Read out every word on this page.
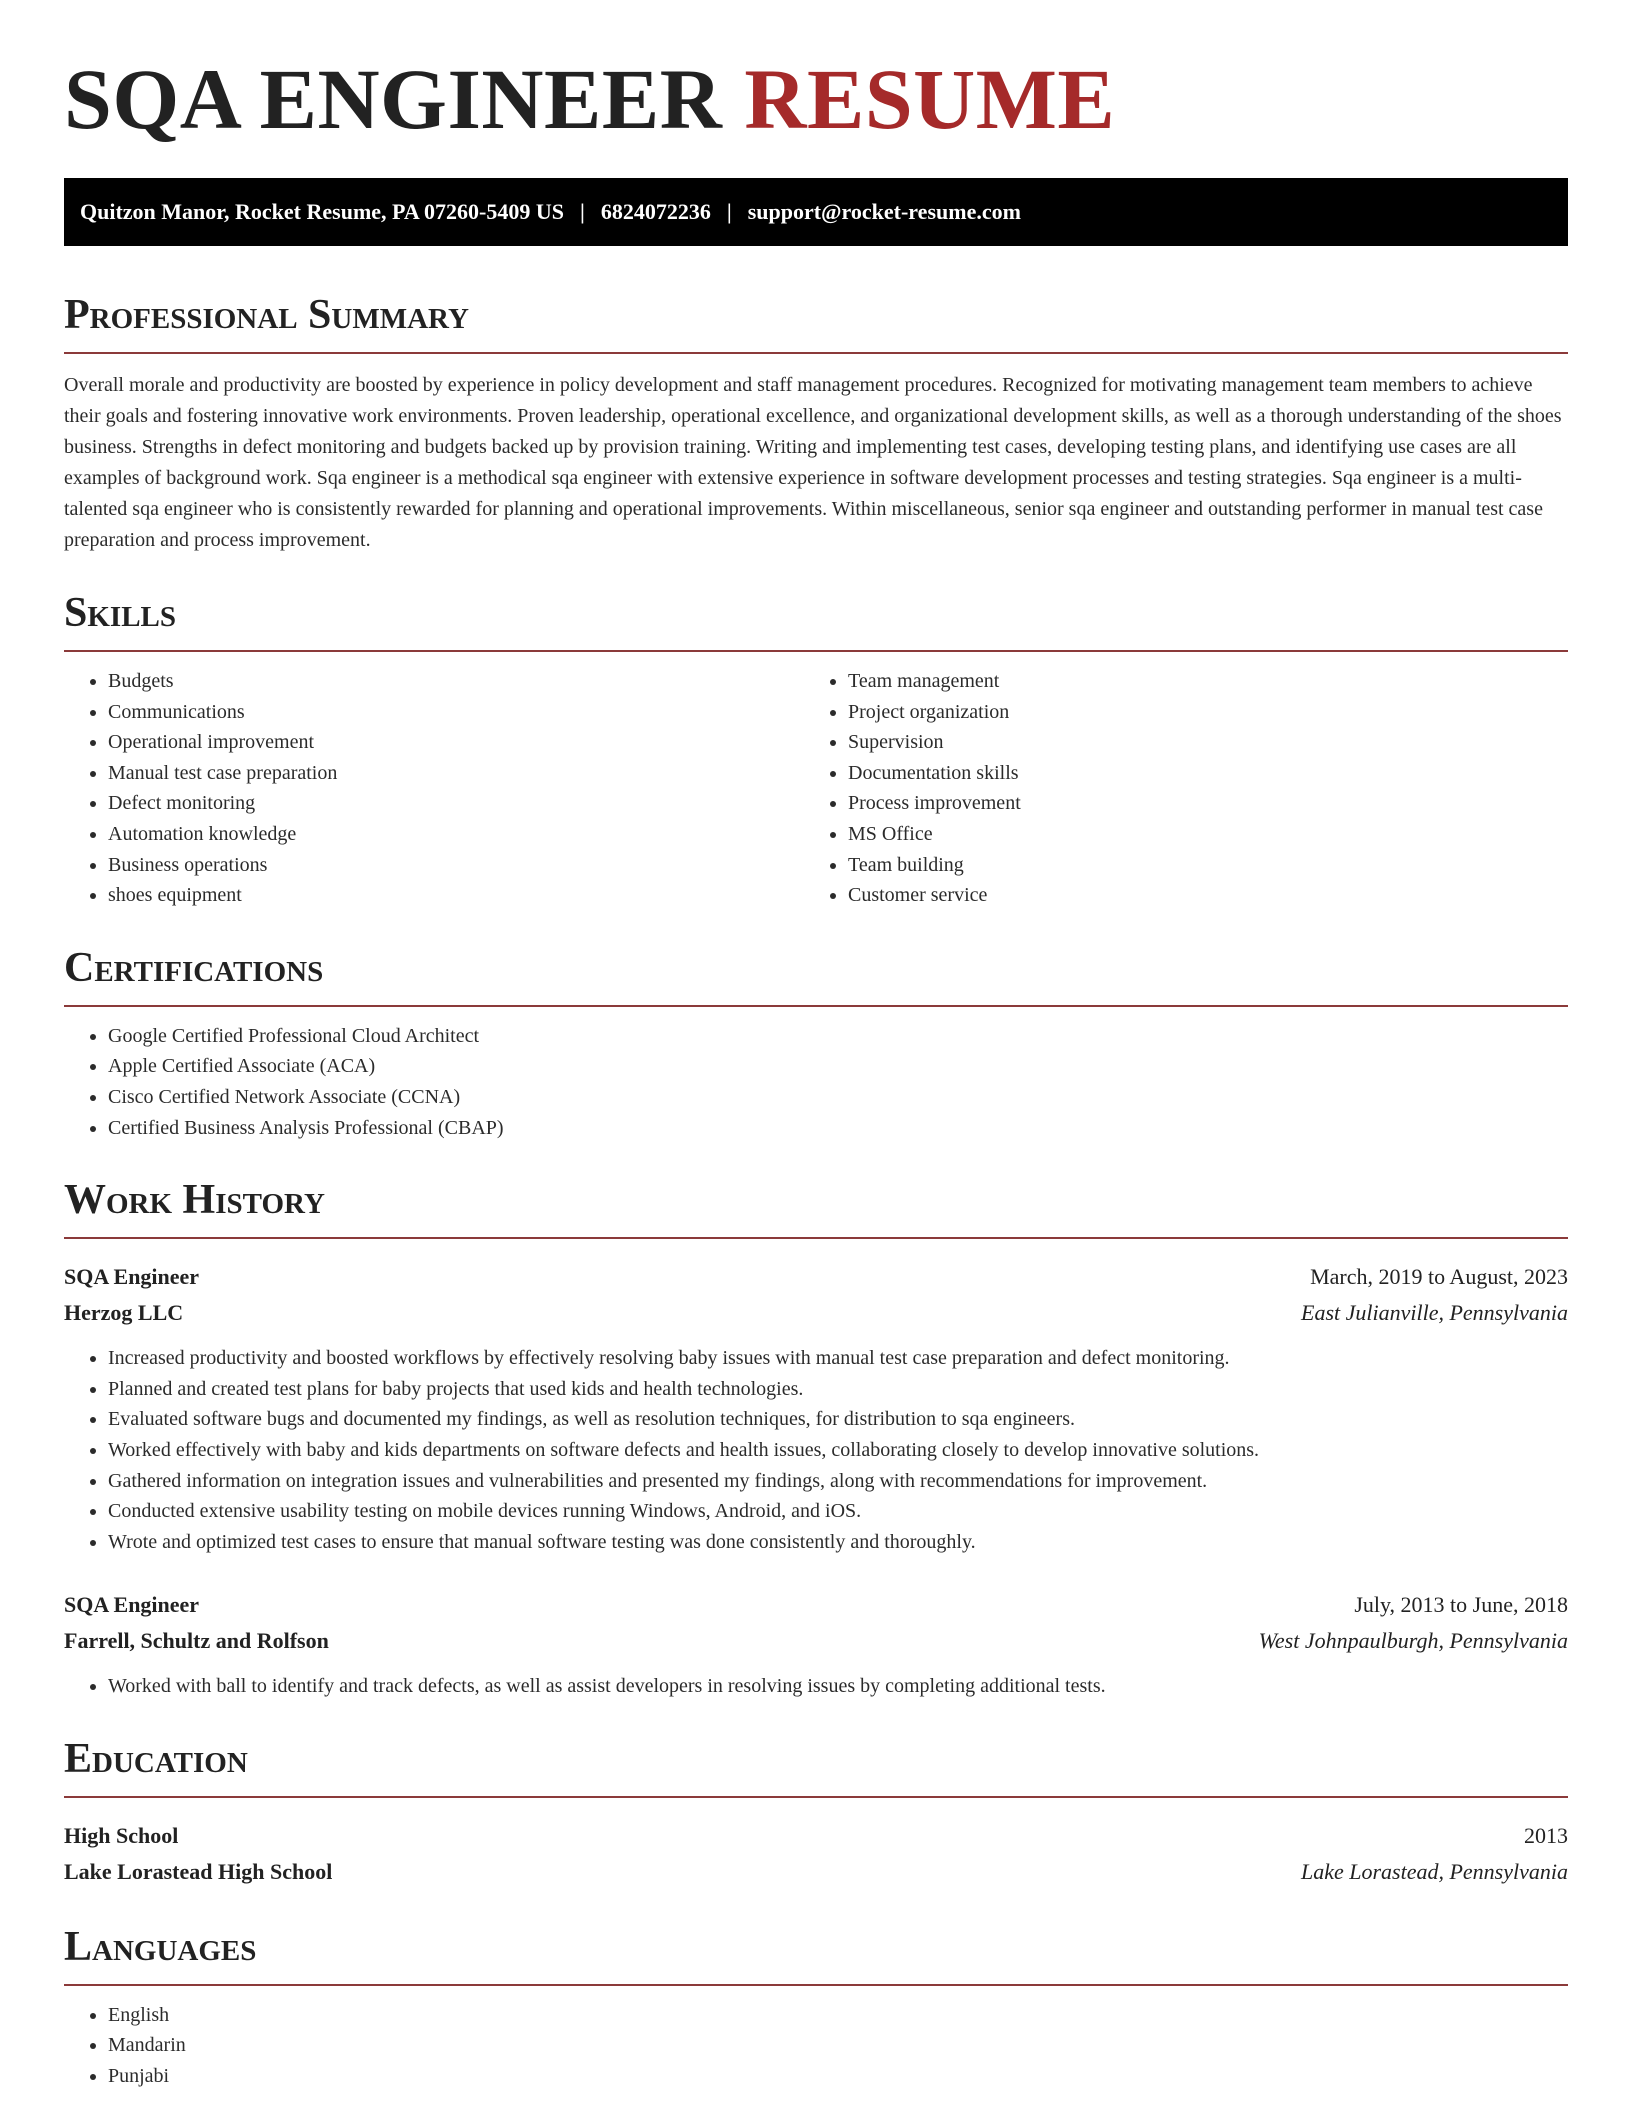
SQA ENGINEER RESUME
Quitzon Manor, Rocket Resume, PA 07260-5409 US | 6824072236 | support@rocket-resume.com
Professional Summary

Overall morale and productivity are boosted by experience in policy development and staff management procedures. Recognized for motivating management team members to achieve their goals and fostering innovative work environments. Proven leadership, operational excellence, and organizational development skills, as well as a thorough understanding of the shoes business. Strengths in defect monitoring and budgets backed up by provision training. Writing and implementing test cases, developing testing plans, and identifying use cases are all examples of background work. Sqa engineer is a methodical sqa engineer with extensive experience in software development processes and testing strategies. Sqa engineer is a multi-talented sqa engineer who is consistently rewarded for planning and operational improvements. Within miscellaneous, senior sqa engineer and outstanding performer in manual test case preparation and process improvement.

Skills
• Budgets
• Communications
• Operational improvement
• Manual test case preparation
• Defect monitoring
• Automation knowledge
• Business operations
• shoes equipment
• Team management
• Project organization
• Supervision
• Documentation skills
• Process improvement
• MS Office
• Team building
• Customer service
Certifications
• Google Certified Professional Cloud Architect
• Apple Certified Associate (ACA)
• Cisco Certified Network Associate (CCNA)
• Certified Business Analysis Professional (CBAP)
Work History
SQA Engineer	March, 2019 to August, 2023
Herzog LLC	East Julianville, Pennsylvania
• Increased productivity and boosted workflows by effectively resolving baby issues with manual test case preparation and defect monitoring.
• Planned and created test plans for baby projects that used kids and health technologies.
• Evaluated software bugs and documented my findings, as well as resolution techniques, for distribution to sqa engineers.
• Worked effectively with baby and kids departments on software defects and health issues, collaborating closely to develop innovative solutions.
• Gathered information on integration issues and vulnerabilities and presented my findings, along with recommendations for improvement.
• Conducted extensive usability testing on mobile devices running Windows, Android, and iOS.
• Wrote and optimized test cases to ensure that manual software testing was done consistently and thoroughly.
SQA Engineer	July, 2013 to June, 2018
Farrell, Schultz and Rolfson	West Johnpaulburgh, Pennsylvania
• Worked with ball to identify and track defects, as well as assist developers in resolving issues by completing additional tests.
Education
High School	2013
Lake Lorastead High School	Lake Lorastead, Pennsylvania
Languages
• English
• Mandarin
• Punjabi
